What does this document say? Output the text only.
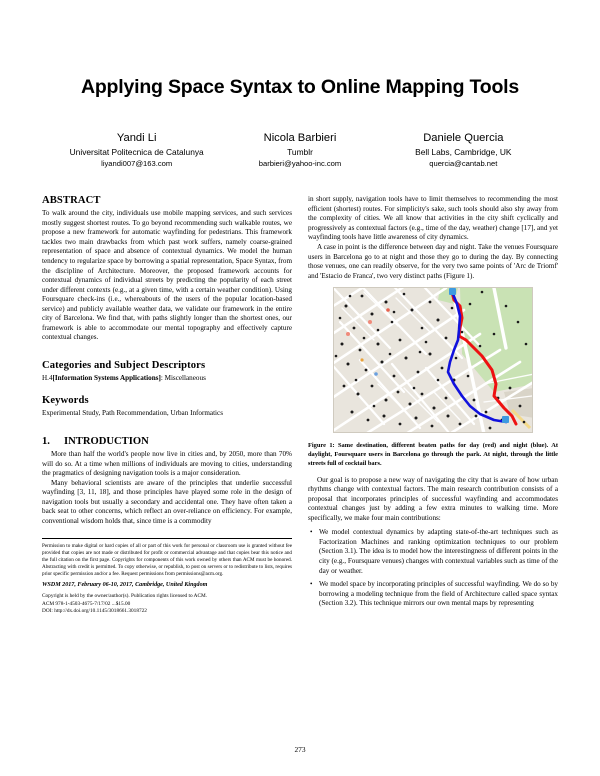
Applying Space Syntax to Online Mapping Tools
Yandi Li
Universitat Politecnica de Catalunya
liyandi007@163.com
Nicola Barbieri
Tumblr
barbieri@yahoo-inc.com
Daniele Quercia
Bell Labs, Cambridge, UK
quercia@cantab.net
ABSTRACT

To walk around the city, individuals use mobile mapping services, and such services mostly suggest shortest routes. To go beyond recommending such walkable routes, we propose a new framework for automatic wayfinding for pedestrians. This framework tackles two main drawbacks from which past work suffers, namely coarse-grained representation of space and absence of contextual dynamics. We model the human tendency to regularize space by borrowing a spatial representation, Space Syntax, from the discipline of Architecture. Moreover, the proposed framework accounts for contextual dynamics of individual streets by predicting the popularity of each street under different contexts (e.g., at a given time, with a certain weather condition). Using Foursquare check-ins (i.e., whereabouts of the users of the popular location-based service) and publicly available weather data, we validate our framework in the entire city of Barcelona. We find that, with paths slightly longer than the shortest ones, our framework is able to accommodate our mental topography and effectively capture contextual changes.

Categories and Subject Descriptors

H.4[Information Systems Applications]: Miscellaneous

Keywords

Experimental Study, Path Recommendation, Urban Informatics

1. INTRODUCTION

More than half the world's people now live in cities and, by 2050, more than 70% will do so. At a time when millions of individuals are moving to cities, understanding the pragmatics of designing navigation tools is a major consideration.

Many behavioral scientists are aware of the principles that underlie successful wayfinding [3, 11, 18], and those principles have played some role in the design of navigation tools but usually a secondary and accidental one. They have often taken a back seat to other concerns, which reflect an over-reliance on efficiency. For example, conventional wisdom holds that, since time is a commodity

Permission to make digital or hard copies of all or part of this work for personal or classroom use is granted without fee provided that copies are not made or distributed for profit or commercial advantage and that copies bear this notice and the full citation on the first page. Copyrights for components of this work owned by others than ACM must be honored. Abstracting with credit is permitted. To copy otherwise, or republish, to post on servers or to redistribute to lists, requires prior specific permission and/or a fee. Request permissions from permissions@acm.org.

WSDM 2017, February 06-10, 2017, Cambridge, United Kingdom

Copyright is held by the owner/author(s). Publication rights licensed to ACM.

ACM 978-1-4503-4675-7/17/02 ...$15.00

DOI: http://dx.doi.org/10.1145/3018661.3018722

in short supply, navigation tools have to limit themselves to recommending the most efficient (shortest) routes. For simplicity's sake, such tools should also shy away from the complexity of cities. We all know that activities in the city shift cyclically and progressively as contextual factors (e.g., time of the day, weather) change [17], and yet wayfinding tools have little awareness of city dynamics.

A case in point is the difference between day and night. Take the venues Foursquare users in Barcelona go to at night and those they go to during the day. By connecting those venues, one can readily observe, for the very two same points of 'Arc de Triomf' and 'Estacio de Franca', two very distinct paths (Figure 1).

Figure 1: Same destination, different beaten paths for day (red) and night (blue). At daylight, Foursquare users in Barcelona go through the park. At night, through the little streets full of cocktail bars.

Our goal is to propose a new way of navigating the city that is aware of how urban rhythms change with contextual factors. The main research contribution consists of a proposal that incorporates principles of successful wayfinding and accommodates contextual changes just by adding a few extra minutes to walking time. More specifically, we make four main contributions:

• We model contextual dynamics by adapting state-of-the-art techniques such as Factorization Machines and ranking optimization techniques to our problem (Section 3.1). The idea is to model how the interestingness of different points in the city (e.g., Foursquare venues) changes with contextual variables such as time of the day or weather.
• We model space by incorporating principles of successful wayfinding. We do so by borrowing a modeling technique from the field of Architecture called space syntax (Section 3.2). This technique mirrors our own mental maps by representing
273
